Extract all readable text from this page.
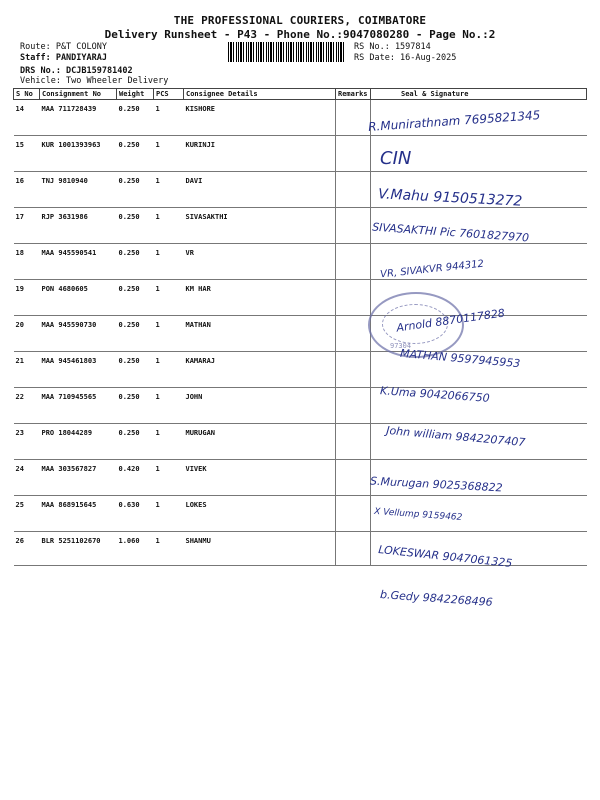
THE PROFESSIONAL COURIERS, COIMBATORE
Delivery Runsheet - P43 - Phone No.:9047080280 - Page No.:2
Route: P&T COLONY
Staff: PANDIYARAJ
DRS No.: DCJB159781402
Vehicle: Two Wheeler Delivery
RS No.: 1597814
RS Date: 16-Aug-2025
S No	Consignment No	Weight	PCS	Consignee Details	Remarks	Seal & Signature
14	MAA 711728439	0.250	1	KISHORE		
15	KUR 1001393963	0.250	1	KURINJI		
16	TNJ 9810940	0.250	1	DAVI		
17	RJP 3631986	0.250	1	SIVASAKTHI		
18	MAA 945590541	0.250	1	VR		
19	PON 4680605	0.250	1	KM HAR		
20	MAA 945590730	0.250	1	MATHAN		
21	MAA 945461803	0.250	1	KAMARAJ		
22	MAA 710945565	0.250	1	JOHN		
23	PRO 18044289	0.250	1	MURUGAN		
24	MAA 303567827	0.420	1	VIVEK		
25	MAA 868915645	0.630	1	LOKES		
26	BLR 5251102670	1.060	1	SHANMU		
97304
R.Munirathnam 7695821345
CIN
V.Mahu 9150513272
SIVASAKTHI Pic 7601827970
VR, SIVAKVR 944312
Arnold 8870117828
MATHAN 9597945953
K.Uma 9042066750
John william 9842207407
S.Murugan 9025368822
X Vellump 9159462
LOKESWAR 9047061325
b.Gedy 9842268496
